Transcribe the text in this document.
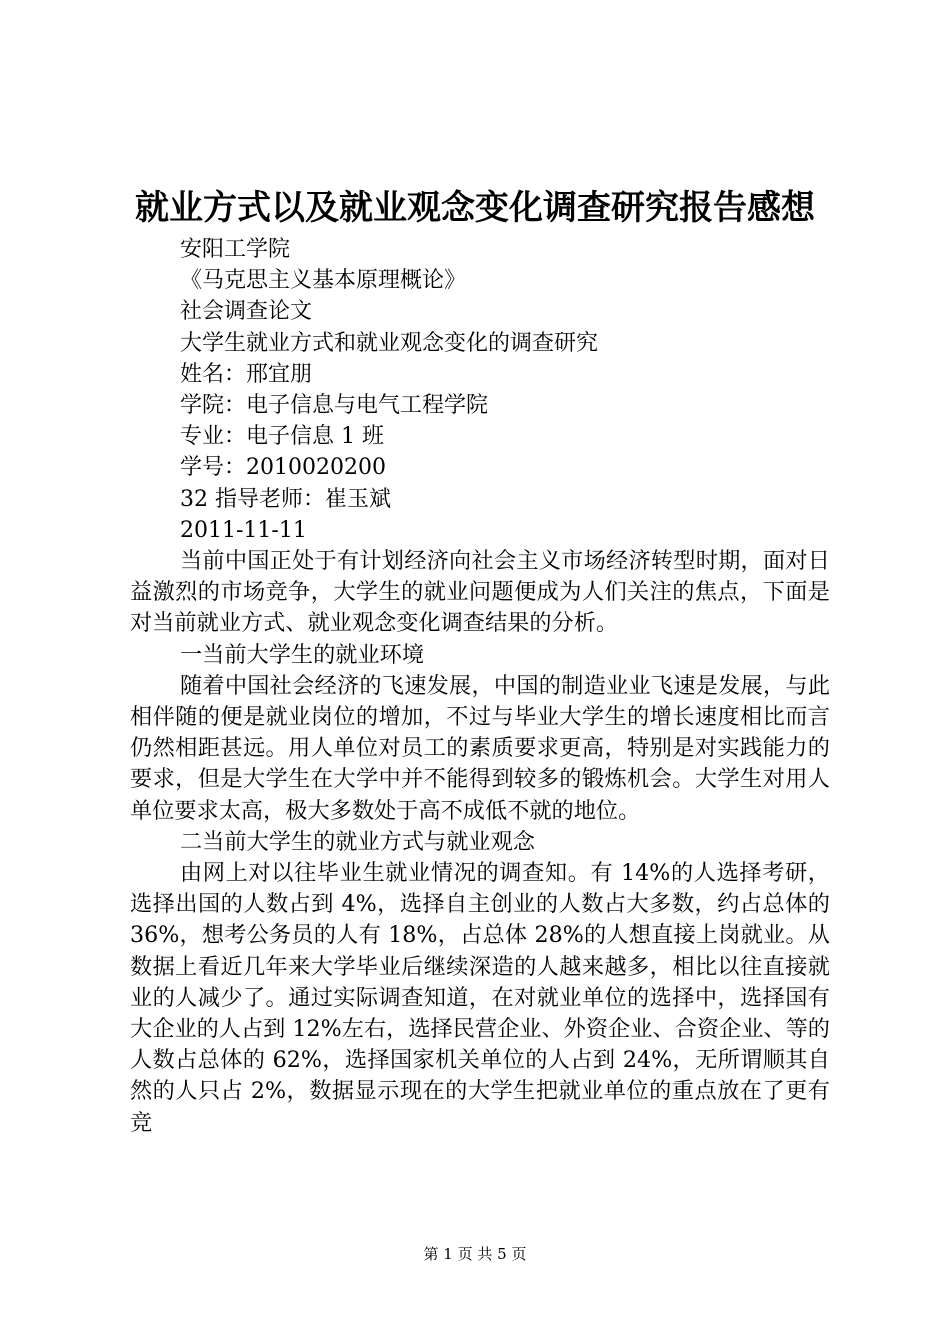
就业方式以及就业观念变化调查研究报告感想
安阳工学院
《马克思主义基本原理概论》
社会调查论文
大学生就业方式和就业观念变化的调查研究
姓名：邢宜朋
学院：电子信息与电气工程学院
专业：电子信息 1 班
学号：2010020200
32 指导老师：崔玉斌
2011-11-11

当前中国正处于有计划经济向社会主义市场经济转型时期，面对日益激烈的市场竞争，大学生的就业问题便成为人们关注的焦点，下面是对当前就业方式、就业观念变化调查结果的分析。

一当前大学生的就业环境

随着中国社会经济的飞速发展，中国的制造业业飞速是发展，与此相伴随的便是就业岗位的增加，不过与毕业大学生的增长速度相比而言仍然相距甚远。用人单位对员工的素质要求更高，特别是对实践能力的要求，但是大学生在大学中并不能得到较多的锻炼机会。大学生对用人单位要求太高，极大多数处于高不成低不就的地位。

二当前大学生的就业方式与就业观念

由网上对以往毕业生就业情况的调查知。有 14%的人选择考研，选择出国的人数占到 4%，选择自主创业的人数占大多数，约占总体的 36%，想考公务员的人有 18%，占总体 28%的人想直接上岗就业。从数据上看近几年来大学毕业后继续深造的人越来越多，相比以往直接就业的人减少了。通过实际调查知道，在对就业单位的选择中，选择国有大企业的人占到 12%左右，选择民营企业、外资企业、合资企业、等的人数占总体的 62%，选择国家机关单位的人占到 24%，无所谓顺其自然的人只占 2%，数据显示现在的大学生把就业单位的重点放在了更有竞

第 1 页 共 5 页
